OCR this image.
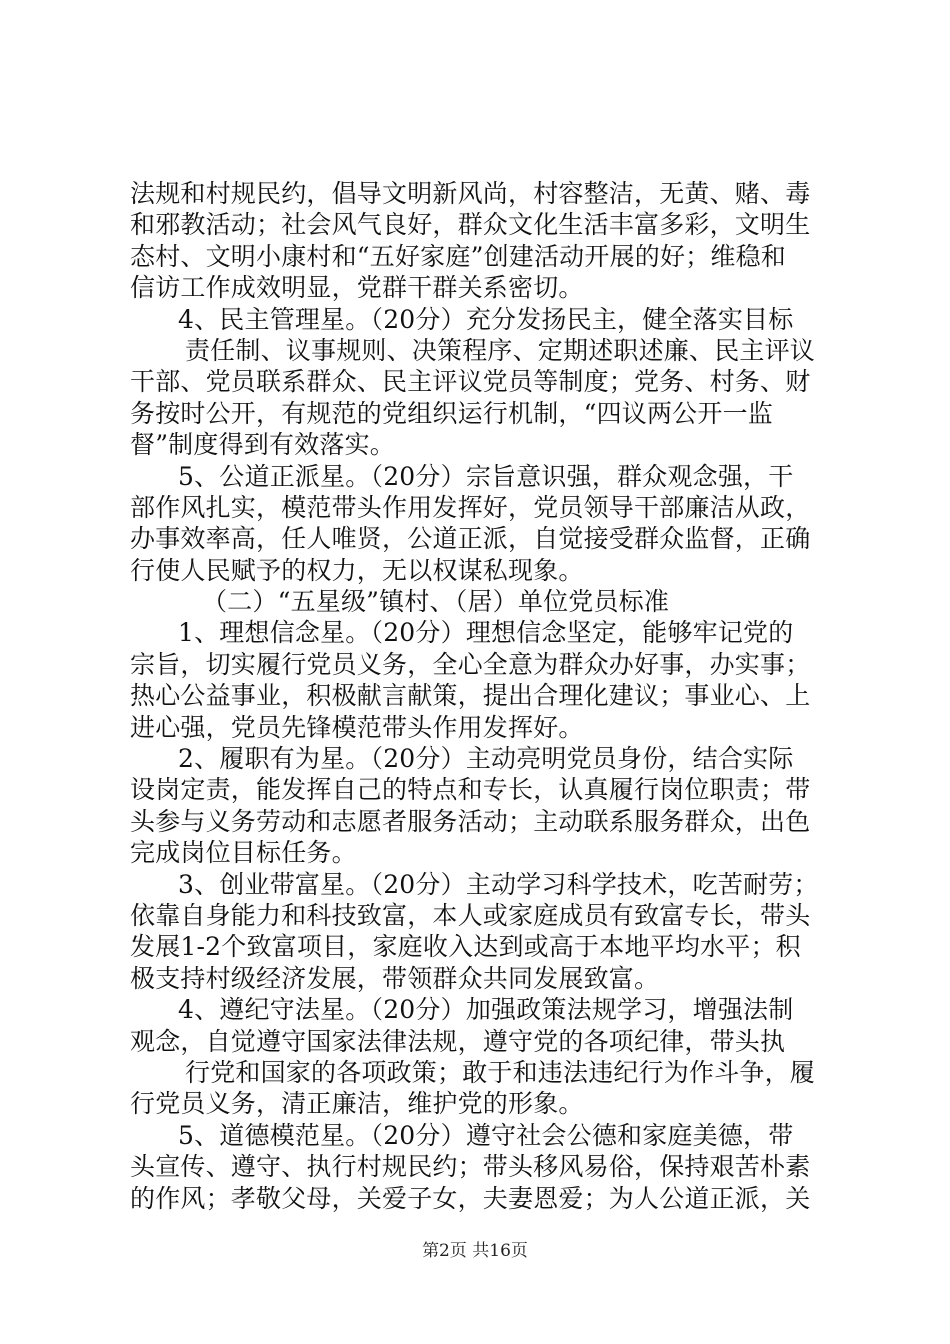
法规和村规民约，倡导文明新风尚，村容整洁，无黄、赌、毒
和邪教活动；社会风气良好，群众文化生活丰富多彩，文明生
态村、文明小康村和“五好家庭”创建活动开展的好；维稳和
信访工作成效明显，党群干群关系密切。
4、民主管理星。（20分）充分发扬民主，健全落实目标
责任制、议事规则、决策程序、定期述职述廉、民主评议
干部、党员联系群众、民主评议党员等制度；党务、村务、财
务按时公开，有规范的党组织运行机制，“四议两公开一监
督”制度得到有效落实。
5、公道正派星。（20分）宗旨意识强，群众观念强，干
部作风扎实，模范带头作用发挥好，党员领导干部廉洁从政，
办事效率高，任人唯贤，公道正派，自觉接受群众监督，正确
行使人民赋予的权力，无以权谋私现象。
（二）“五星级”镇村、（居）单位党员标准
1、理想信念星。（20分）理想信念坚定，能够牢记党的
宗旨，切实履行党员义务，全心全意为群众办好事，办实事；
热心公益事业，积极献言献策，提出合理化建议；事业心、上
进心强，党员先锋模范带头作用发挥好。
2、履职有为星。（20分）主动亮明党员身份，结合实际
设岗定责，能发挥自己的特点和专长，认真履行岗位职责；带
头参与义务劳动和志愿者服务活动；主动联系服务群众，出色
完成岗位目标任务。
3、创业带富星。（20分）主动学习科学技术，吃苦耐劳；
依靠自身能力和科技致富，本人或家庭成员有致富专长，带头
发展1-2个致富项目，家庭收入达到或高于本地平均水平；积
极支持村级经济发展，带领群众共同发展致富。
4、遵纪守法星。（20分）加强政策法规学习，增强法制
观念，自觉遵守国家法律法规，遵守党的各项纪律，带头执
行党和国家的各项政策；敢于和违法违纪行为作斗争，履
行党员义务，清正廉洁，维护党的形象。
5、道德模范星。（20分）遵守社会公德和家庭美德，带
头宣传、遵守、执行村规民约；带头移风易俗，保持艰苦朴素
的作风；孝敬父母，关爱子女，夫妻恩爱；为人公道正派，关
第2页 共16页
